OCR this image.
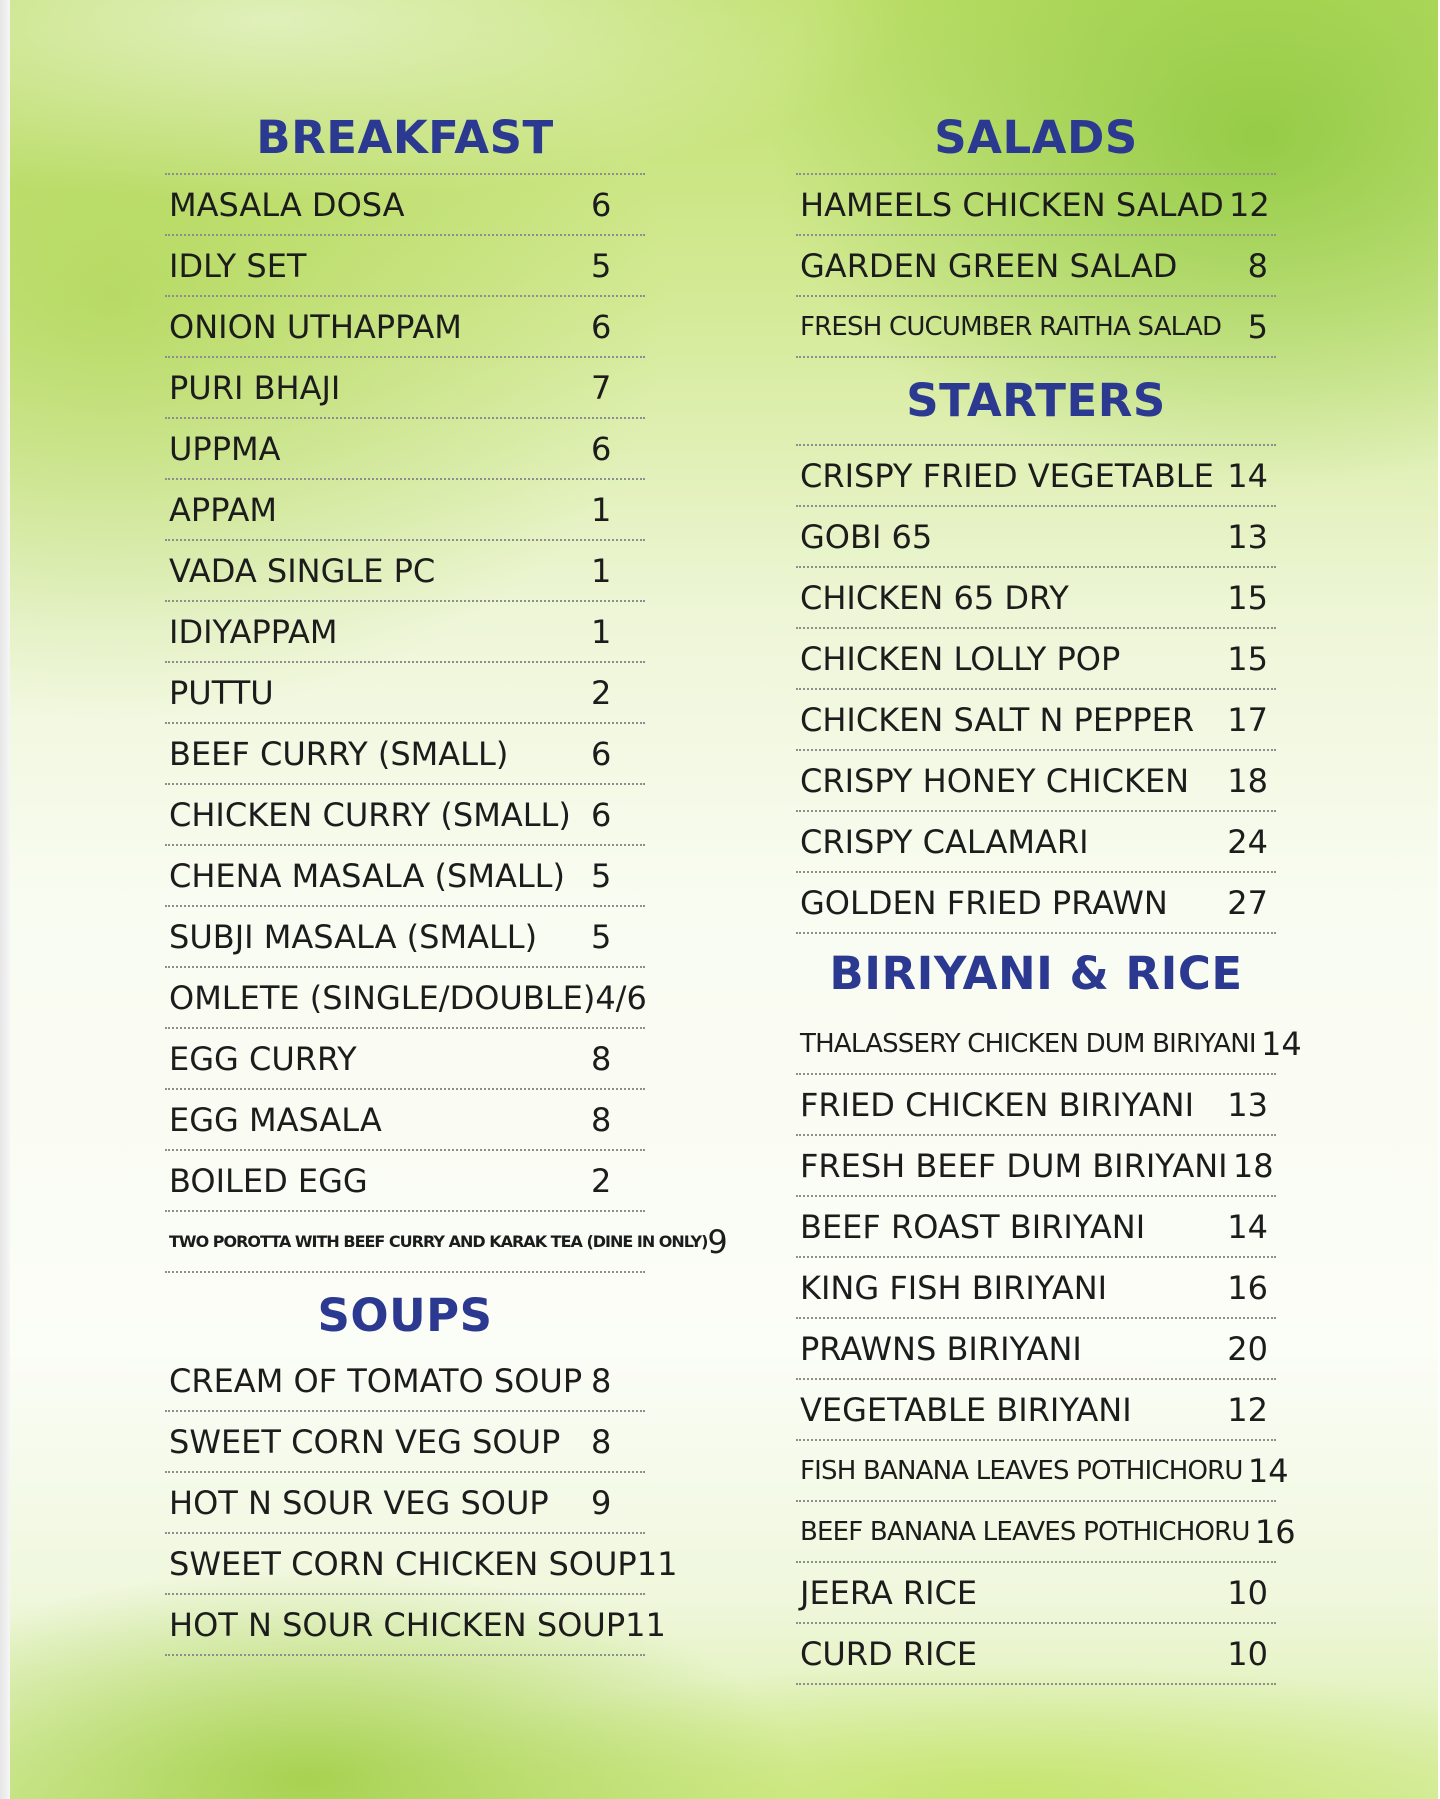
BREAKFAST
MASALA DOSA	6
IDLY SET	5
ONION UTHAPPAM	6
PURI BHAJI	7
UPPMA	6
APPAM	1
VADA SINGLE PC	1
IDIYAPPAM	1
PUTTU	2
BEEF CURRY (SMALL)	6
CHICKEN CURRY (SMALL) 6
CHENA MASALA (SMALL) 5
SUBJI MASALA (SMALL)	5
OMLETE (SINGLE/DOUBLE) 4/6
EGG CURRY	8
EGG MASALA	8
BOILED EGG	2
TWO POROTTA WITH BEEF CURRY AND KARAK TEA (DINE IN ONLY) 9
SOUPS
CREAM OF TOMATO SOUP 8
SWEET CORN VEG SOUP 8
HOT N SOUR VEG SOUP	9
SWEET CORN CHICKEN SOUP 11
HOT N SOUR CHICKEN SOUP 11
SALADS
HAMEELS CHICKEN SALAD 12
GARDEN GREEN SALAD	8
FRESH CUCUMBER RAITHA SALAD 5
STARTERS
CRISPY FRIED VEGETABLE 14
GOBI 65	13
CHICKEN 65 DRY	15
CHICKEN LOLLY POP	15
CHICKEN SALT N PEPPER	17
CRISPY HONEY CHICKEN	18
CRISPY CALAMARI	24
GOLDEN FRIED PRAWN	27
BIRIYANI & RICE
THALASSERY CHICKEN DUM BIRIYANI 14
FRIED CHICKEN BIRIYANI	13
FRESH BEEF DUM BIRIYANI 18
BEEF ROAST BIRIYANI	14
KING FISH BIRIYANI	16
PRAWNS BIRIYANI	20
VEGETABLE BIRIYANI	12
FISH BANANA LEAVES POTHICHORU 14
BEEF BANANA LEAVES POTHICHORU 16
JEERA RICE	10
CURD RICE	10
